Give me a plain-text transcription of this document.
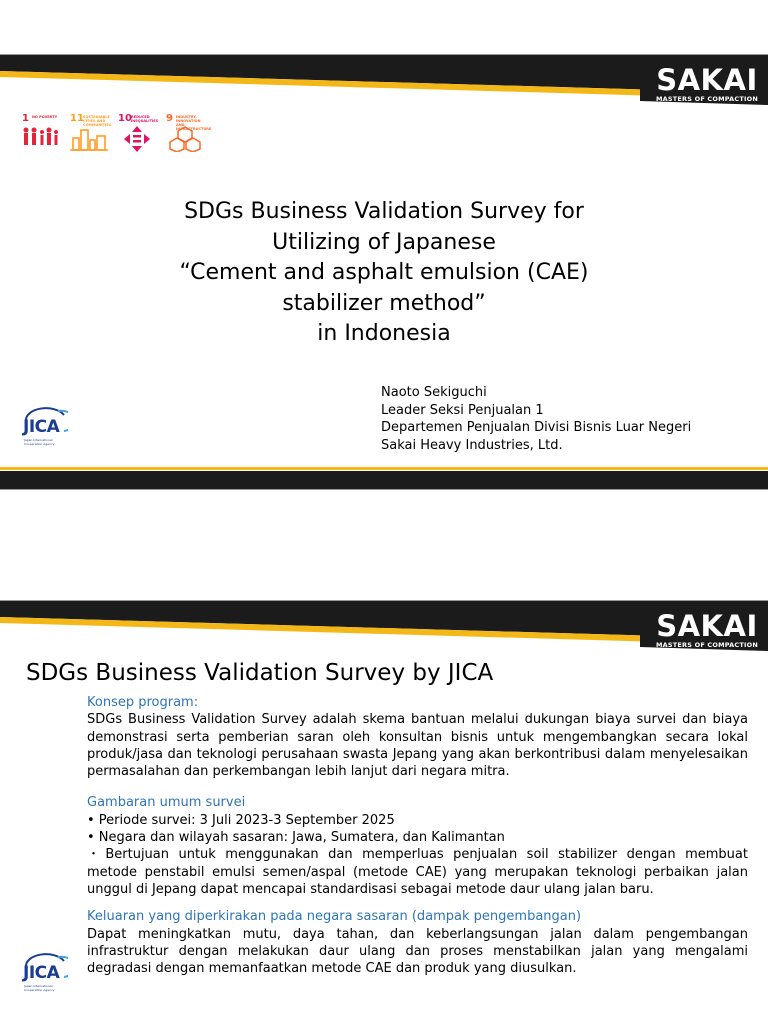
SAKAI
MASTERS OF COMPACTION
1 NO POVERTY 11 SUSTAINABLE CITIES AND COMMUNITIES
10 REDUCED INEQUALITIES 9 INDUSTRY, INNOVATION AND INFRASTRUCTURE
SDGs Business Validation Survey for
Utilizing of Japanese
“Cement and asphalt emulsion (CAE)
stabilizer method”
in Indonesia
JICA
Japan International Cooperation Agency
Naoto Sekiguchi
Leader Seksi Penjualan 1
Departemen Penjualan Divisi Bisnis Luar Negeri
Sakai Heavy Industries, Ltd.
SAKAI
MASTERS OF COMPACTION
SDGs Business Validation Survey by JICA
JICA
Japan International Cooperation Agency
Konsep program:
SDGs Business Validation Survey adalah skema bantuan melalui dukungan biaya survei dan biaya demonstrasi serta pemberian saran oleh konsultan bisnis untuk mengembangkan secara lokal produk/jasa dan teknologi perusahaan swasta Jepang yang akan berkontribusi dalam menyelesaikan permasalahan dan perkembangan lebih lanjut dari negara mitra.
Gambaran umum survei
• Periode survei: 3 Juli 2023-3 September 2025
• Negara dan wilayah sasaran: Jawa, Sumatera, dan Kalimantan
・Bertujuan untuk menggunakan dan memperluas penjualan soil stabilizer dengan membuat metode penstabil emulsi semen/aspal (metode CAE) yang merupakan teknologi perbaikan jalan unggul di Jepang dapat mencapai standardisasi sebagai metode daur ulang jalan baru.
Keluaran yang diperkirakan pada negara sasaran (dampak pengembangan)
Dapat meningkatkan mutu, daya tahan, dan keberlangsungan jalan dalam pengembangan infrastruktur dengan melakukan daur ulang dan proses menstabilkan jalan yang mengalami degradasi dengan memanfaatkan metode CAE dan produk yang diusulkan.
